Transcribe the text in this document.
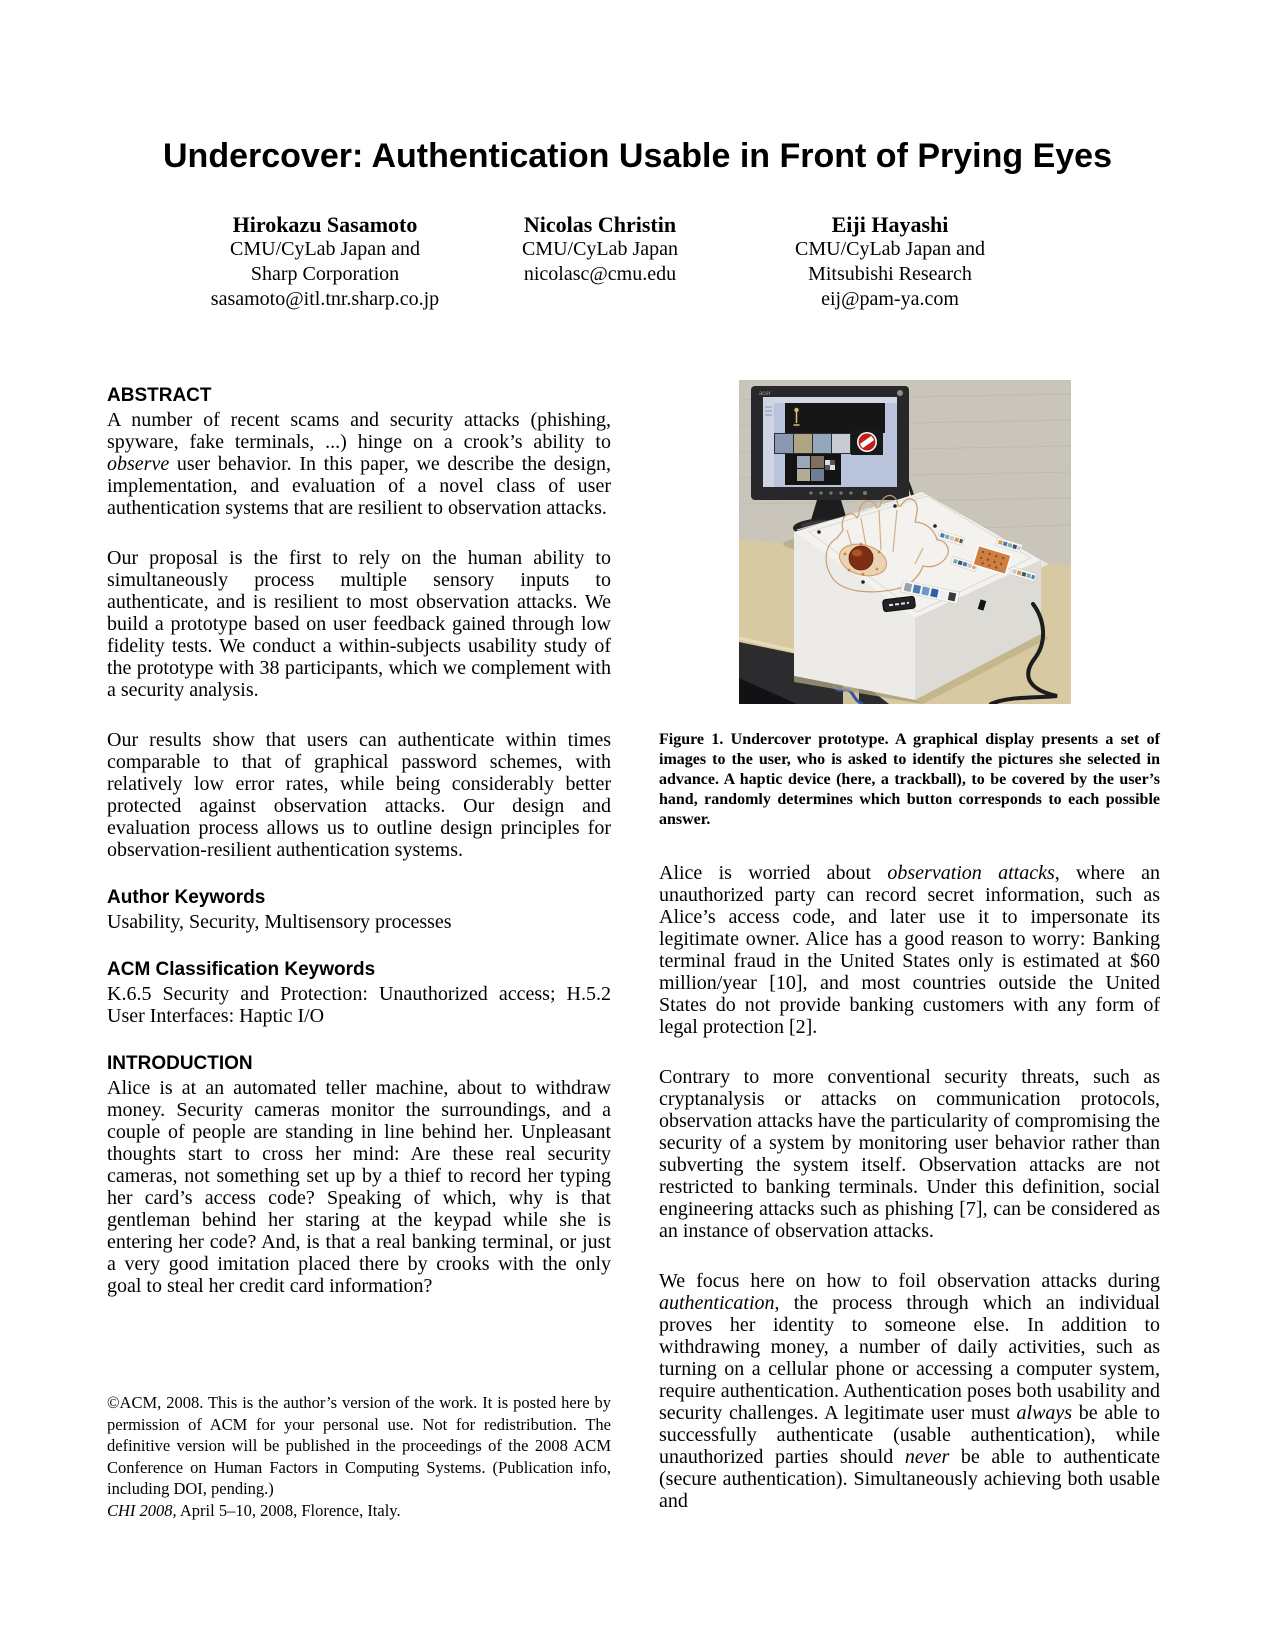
Undercover: Authentication Usable in Front of Prying Eyes
Hirokazu Sasamoto
CMU/CyLab Japan and
Sharp Corporation
sasamoto@itl.tnr.sharp.co.jp
Nicolas Christin
CMU/CyLab Japan
nicolasc@cmu.edu
Eiji Hayashi
CMU/CyLab Japan and
Mitsubishi Research
eij@pam-ya.com
ABSTRACT

A number of recent scams and security attacks (phishing, spyware, fake terminals, ...) hinge on a crook’s ability to observe user behavior. In this paper, we describe the design, implementation, and evaluation of a novel class of user authentication systems that are resilient to observation attacks.

Our proposal is the first to rely on the human ability to simultaneously process multiple sensory inputs to authenticate, and is resilient to most observation attacks. We build a prototype based on user feedback gained through low fidelity tests. We conduct a within-subjects usability study of the prototype with 38 participants, which we complement with a security analysis.

Our results show that users can authenticate within times comparable to that of graphical password schemes, with relatively low error rates, while being considerably better protected against observation attacks. Our design and evaluation process allows us to outline design principles for observation-resilient authentication systems.

Author Keywords

Usability, Security, Multisensory processes

ACM Classification Keywords

K.6.5 Security and Protection: Unauthorized access; H.5.2 User Interfaces: Haptic I/O

INTRODUCTION

Alice is at an automated teller machine, about to withdraw money. Security cameras monitor the surroundings, and a couple of people are standing in line behind her. Unpleasant thoughts start to cross her mind: Are these real security cameras, not something set up by a thief to record her typing her card’s access code? Speaking of which, why is that gentleman behind her staring at the keypad while she is entering her code? And, is that a real banking terminal, or just a very good imitation placed there by crooks with the only goal to steal her credit card information?

©ACM, 2008. This is the author’s version of the work. It is posted here by permission of ACM for your personal use. Not for redistribution. The definitive version will be published in the proceedings of the 2008 ACM Conference on Human Factors in Computing Systems. (Publication info, including DOI, pending.)

CHI 2008, April 5–10, 2008, Florence, Italy.

acer
Figure 1. Undercover prototype. A graphical display presents a set of images to the user, who is asked to identify the pictures she selected in advance. A haptic device (here, a trackball), to be covered by the user’s hand, randomly determines which button corresponds to each possible answer.

Alice is worried about observation attacks, where an unauthorized party can record secret information, such as Alice’s access code, and later use it to impersonate its legitimate owner. Alice has a good reason to worry: Banking terminal fraud in the United States only is estimated at $60 million/year [10], and most countries outside the United States do not provide banking customers with any form of legal protection [2].

Contrary to more conventional security threats, such as cryptanalysis or attacks on communication protocols, observation attacks have the particularity of compromising the security of a system by monitoring user behavior rather than subverting the system itself. Observation attacks are not restricted to banking terminals. Under this definition, social engineering attacks such as phishing [7], can be considered as an instance of observation attacks.

We focus here on how to foil observation attacks during authentication, the process through which an individual proves her identity to someone else. In addition to withdrawing money, a number of daily activities, such as turning on a cellular phone or accessing a computer system, require authentication. Authentication poses both usability and security challenges. A legitimate user must always be able to successfully authenticate (usable authentication), while unauthorized parties should never be able to authenticate (secure authentication). Simultaneously achieving both usable and
